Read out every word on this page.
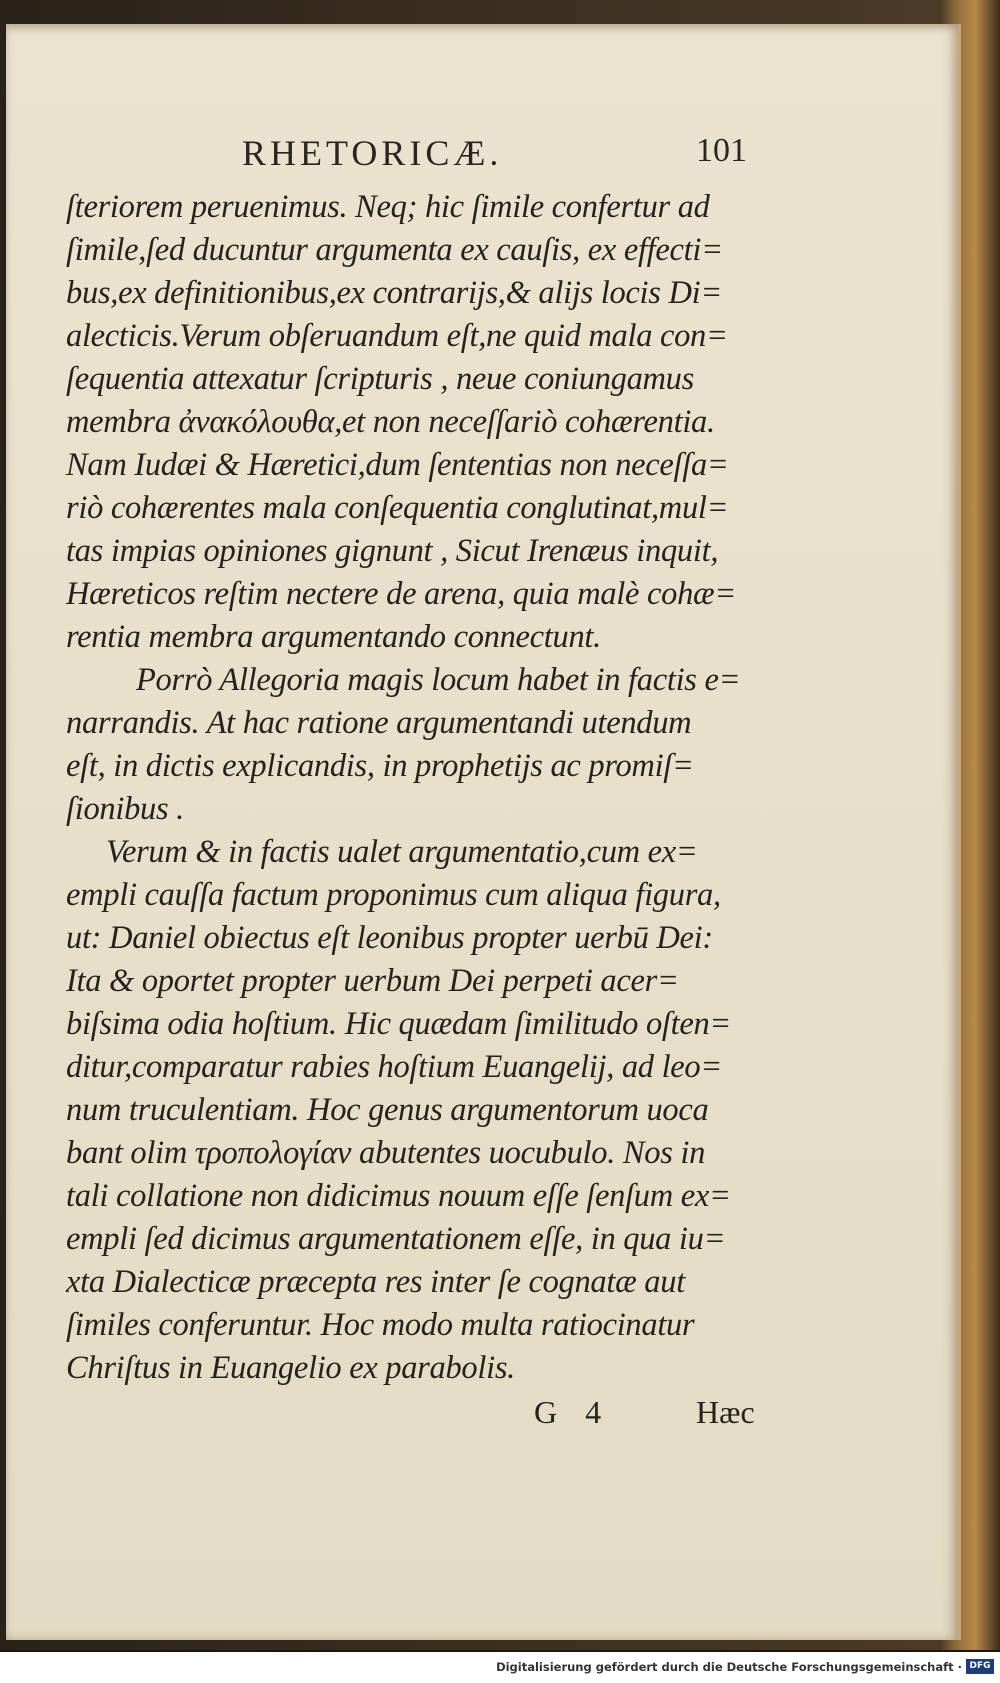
RHETORICÆ.	101
ſteriorem peruenimus. Neq; hic ſimile confertur ad
ſimile,ſed ducuntur argumenta ex cauſis, ex effecti=
bus,ex definitionibus,ex contrarijs,& alijs locis Di=
alecticis.Verum obſeruandum eſt,ne quid mala con=
ſequentia attexatur ſcripturis , neue coniungamus
membra ἀνακόλουθα,et non neceſſariò cohærentia.
Nam Iudæi & Hæretici,dum ſententias non neceſſa=
riò cohærentes mala conſequentia conglutinat,mul=
tas impias opiniones gignunt , Sicut Irenæus inquit,
Hæreticos reſtim nectere de arena, quia malè cohæ=
rentia membra argumentando connectunt.
Porrò Allegoria magis locum habet in factis e=
narrandis. At hac ratione argumentandi utendum
eſt, in dictis explicandis, in prophetijs ac promiſ=
ſionibus .
Verum & in factis ualet argumentatio,cum ex=
empli cauſſa factum proponimus cum aliqua figura,
ut: Daniel obiectus eſt leonibus propter uerbū Dei:
Ita & oportet propter uerbum Dei perpeti acer=
biſsima odia hoſtium. Hic quædam ſimilitudo oſten=
ditur,comparatur rabies hoſtium Euangelij, ad leo=
num truculentiam. Hoc genus argumentorum uoca
bant olim τροπολογίαν abutentes uocubulo. Nos in
tali collatione non didicimus nouum eſſe ſenſum ex=
empli ſed dicimus argumentationem eſſe, in qua iu=
xta Dialecticæ præcepta res inter ſe cognatæ aut
ſimiles conferuntur. Hoc modo multa ratiocinatur
Chriſtus in Euangelio ex parabolis.
G 4	Hæc
Digitalisierung gefördert durch die Deutsche Forschungsgemeinschaft · DFG
